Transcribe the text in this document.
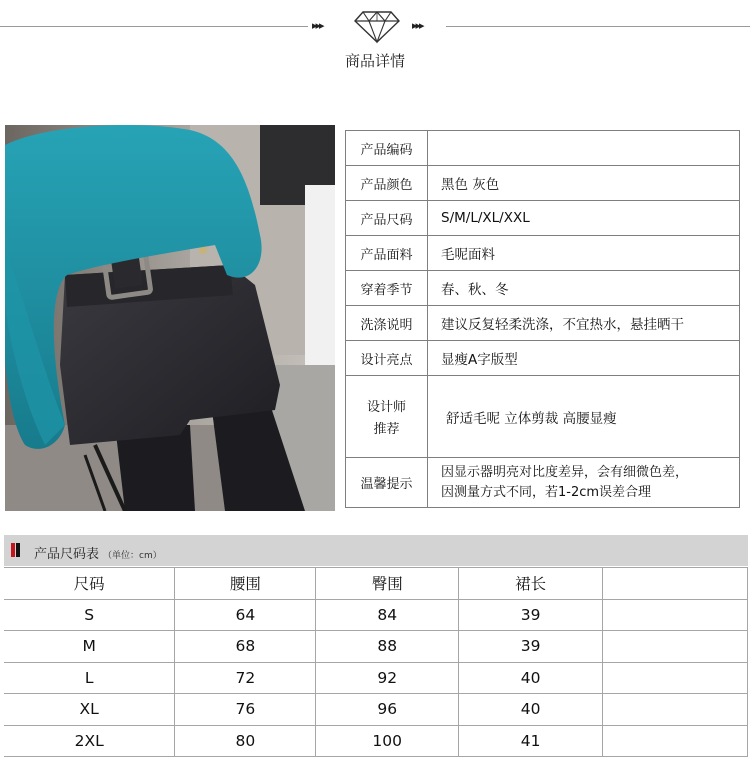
▸▸▸	▸▸▸
商品详情
产品编码	
产品颜色	黑色 灰色
产品尺码	S/M/L/XL/XXL
产品面料	毛呢面料
穿着季节	春、秋、冬
洗涤说明	建议反复轻柔洗涤，不宜热水，悬挂晒干
设计亮点	显瘦A字版型

设计师
推荐	舒适毛呢 立体剪裁 高腰显瘦
温馨提示	因显示器明亮对比度差异，会有细微色差，
因测量方式不同，若1-2cm误差合理
产品尺码表 （单位：cm）
尺码	腰围	臀围	裙长	
S	64	84	39	
M	68	88	39	
L	72	92	40	
XL	76	96	40	
2XL	80	100	41	
